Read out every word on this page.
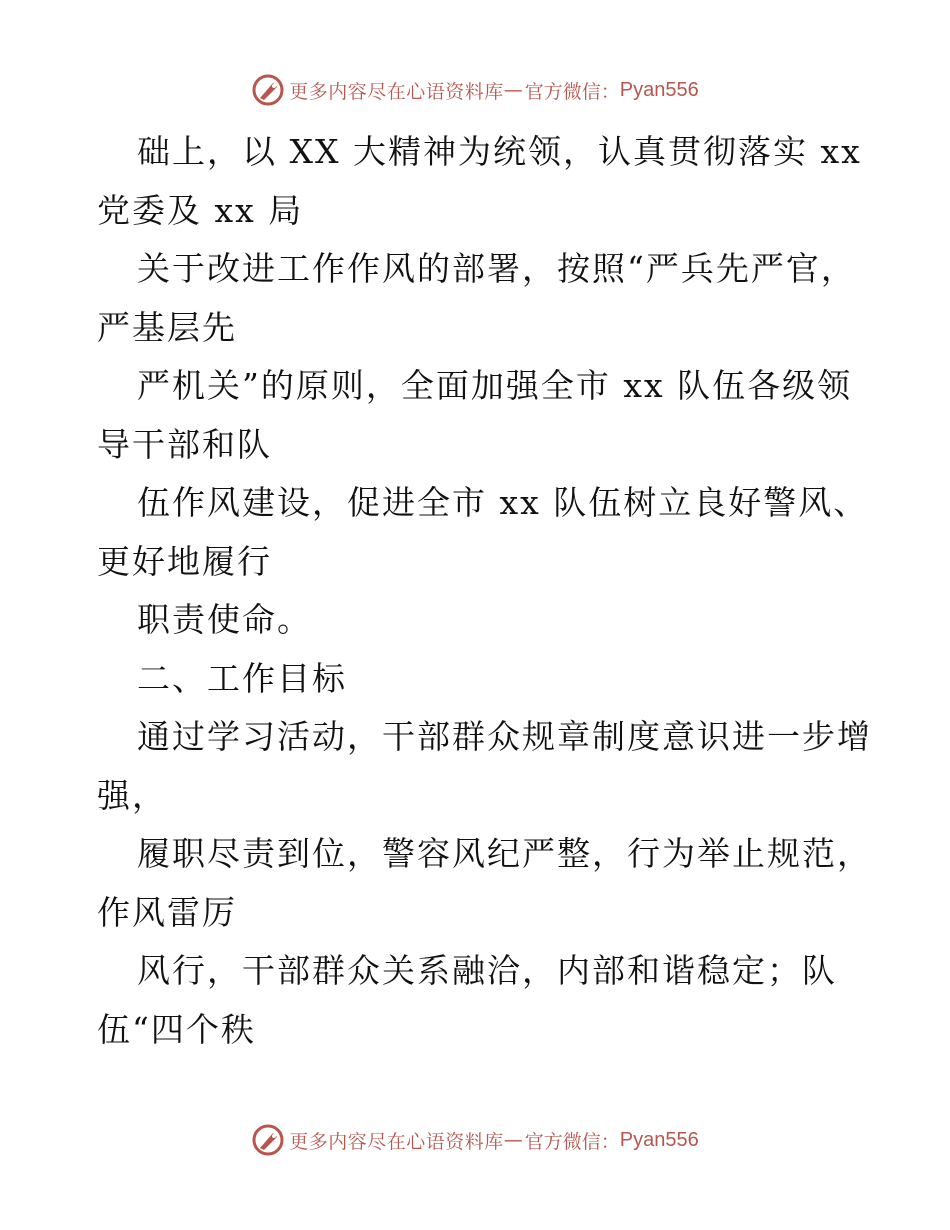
更多内容尽在心语资料库 — 官方微信： Pyan556
础上，以 XX 大精神为统领，认真贯彻落实 xx
党委及 xx 局
关于改进工作作风的部署，按照“严兵先严官，
严基层先
严机关”的原则，全面加强全市 xx 队伍各级领
导干部和队
伍作风建设，促进全市 xx 队伍树立良好警风、
更好地履行
职责使命。
二、工作目标
通过学习活动，干部群众规章制度意识进一步增
强，
履职尽责到位，警容风纪严整，行为举止规范，
作风雷厉
风行，干部群众关系融洽，内部和谐稳定；队
伍“四个秩
更多内容尽在心语资料库 — 官方微信： Pyan556
